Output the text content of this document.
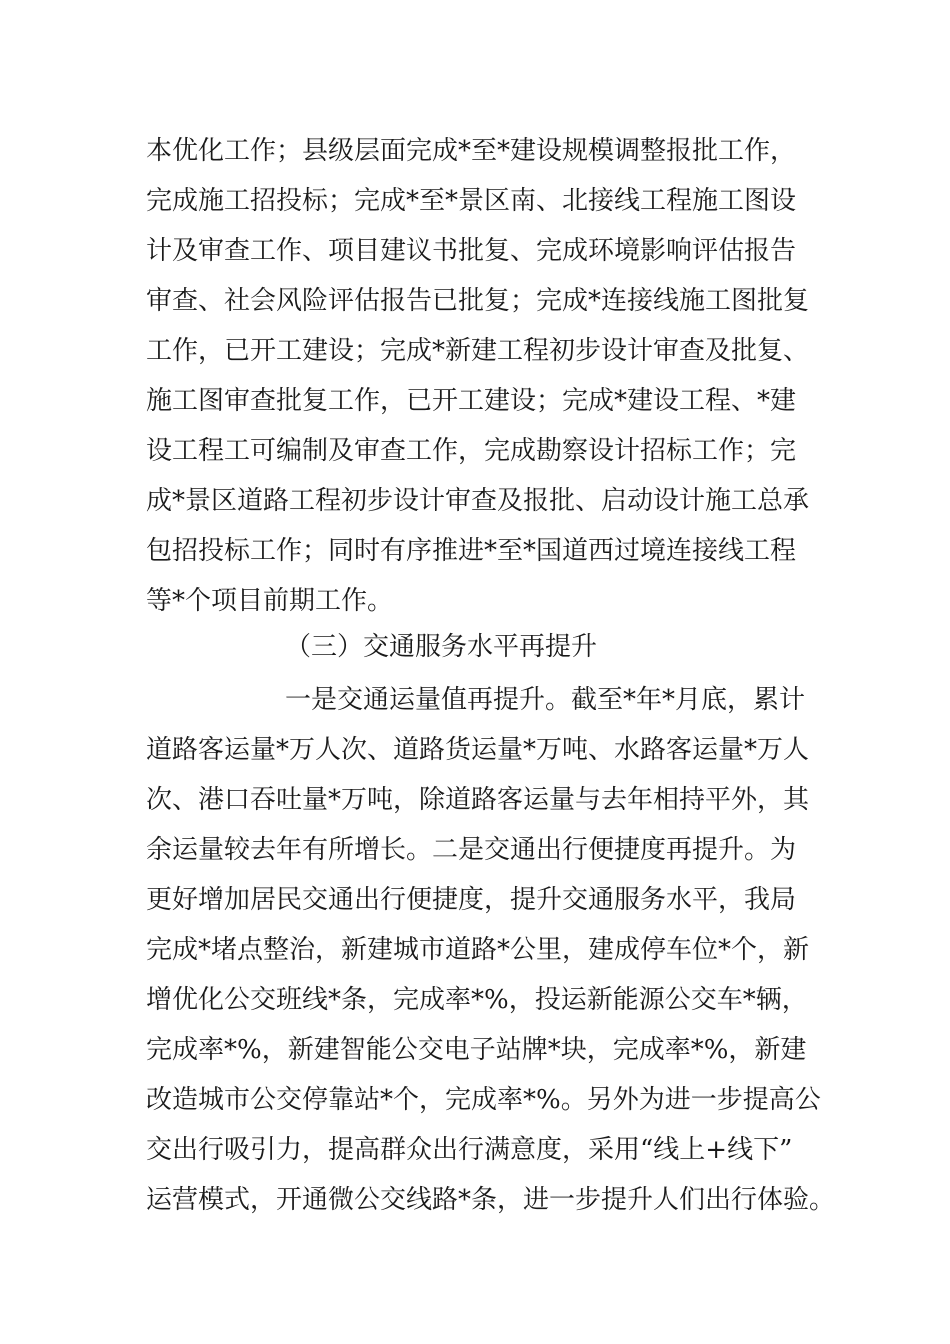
本优化工作；县级层面完成*至*建设规模调整报批工作，
完成施工招投标；完成*至*景区南、北接线工程施工图设
计及审查工作、项目建议书批复、完成环境影响评估报告
审查、社会风险评估报告已批复；完成*连接线施工图批复
工作，已开工建设；完成*新建工程初步设计审查及批复、
施工图审查批复工作，已开工建设；完成*建设工程、*建
设工程工可编制及审查工作，完成勘察设计招标工作；完
成*景区道路工程初步设计审查及报批、启动设计施工总承
包招投标工作；同时有序推进*至*国道西过境连接线工程
等*个项目前期工作。
（三）交通服务水平再提升
一是交通运量值再提升。截至*年*月底，累计
道路客运量*万人次、道路货运量*万吨、水路客运量*万人
次、港口吞吐量*万吨，除道路客运量与去年相持平外，其
余运量较去年有所增长。二是交通出行便捷度再提升。为
更好增加居民交通出行便捷度，提升交通服务水平，我局
完成*堵点整治，新建城市道路*公里，建成停车位*个，新
增优化公交班线*条，完成率*%，投运新能源公交车*辆，
完成率*%，新建智能公交电子站牌*块，完成率*%，新建
改造城市公交停靠站*个，完成率*%。另外为进一步提高公
交出行吸引力，提高群众出行满意度，采用“线上+线下”
运营模式，开通微公交线路*条，进一步提升人们出行体验。
